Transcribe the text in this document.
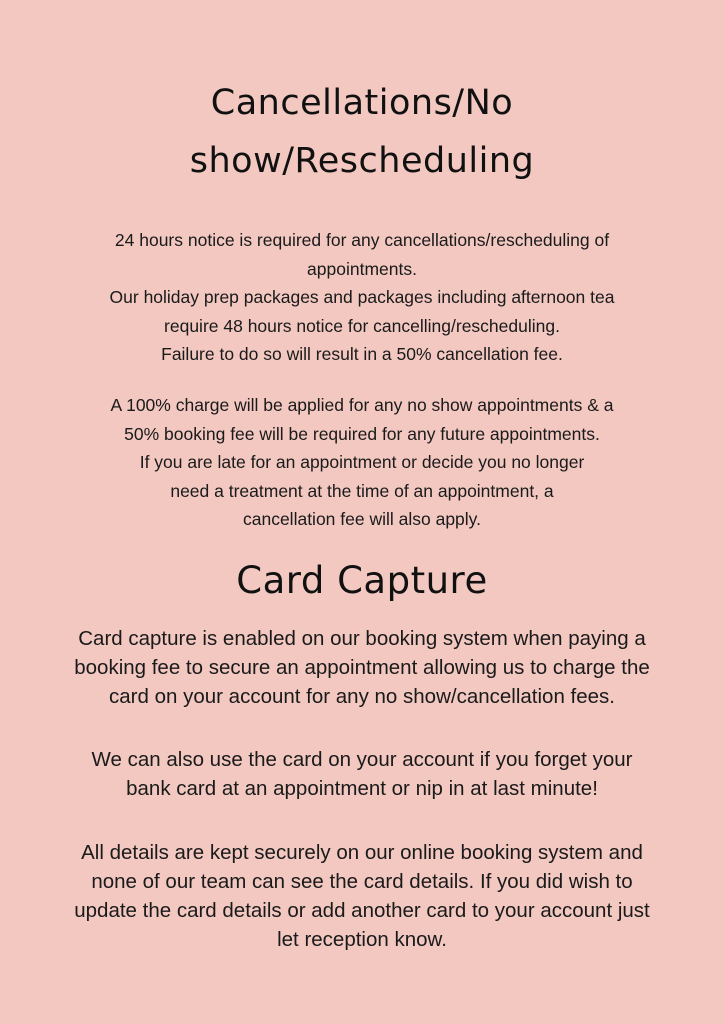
Cancellations/No
show/Rescheduling

24 hours notice is required for any cancellations/rescheduling of
appointments.
Our holiday prep packages and packages including afternoon tea
require 48 hours notice for cancelling/rescheduling.
Failure to do so will result in a 50% cancellation fee.

A 100% charge will be applied for any no show appointments & a
50% booking fee will be required for any future appointments.
If you are late for an appointment or decide you no longer
need a treatment at the time of an appointment, a
cancellation fee will also apply.

Card Capture

Card capture is enabled on our booking system when paying a
booking fee to secure an appointment allowing us to charge the
card on your account for any no show/cancellation fees.

We can also use the card on your account if you forget your
bank card at an appointment or nip in at last minute!

All details are kept securely on our online booking system and
none of our team can see the card details. If you did wish to
update the card details or add another card to your account just
let reception know.
